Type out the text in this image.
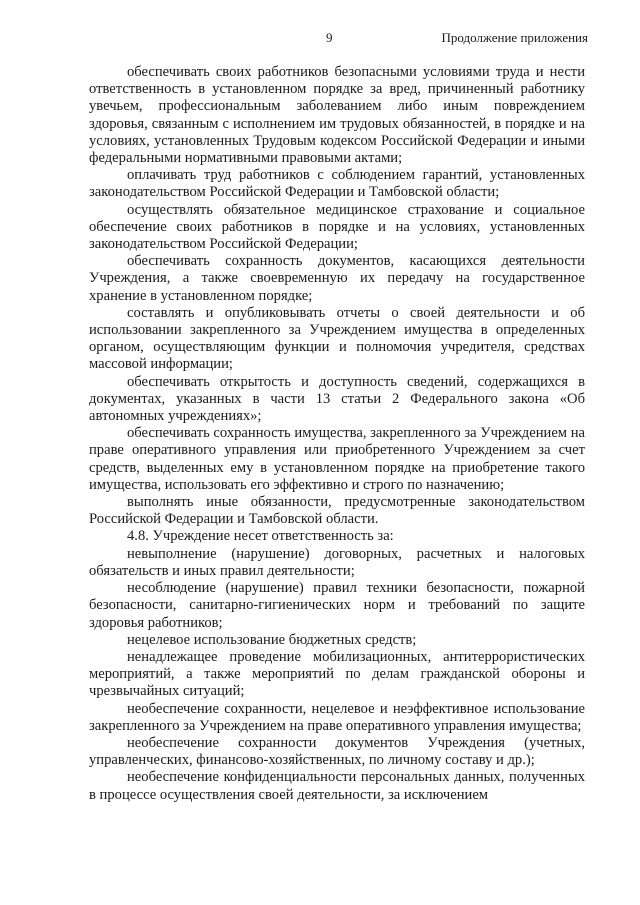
9	Продолжение приложения

обеспечивать своих работников безопасными условиями труда и нести ответственность в установленном порядке за вред, причиненный работнику увечьем, профессиональным заболеванием либо иным повреждением здоровья, связанным с исполнением им трудовых обязанностей, в порядке и на условиях, установленных Трудовым кодексом Российской Федерации и иными федеральными нормативными правовыми актами;

оплачивать труд работников с соблюдением гарантий, установленных законодательством Российской Федерации и Тамбовской области;

осуществлять обязательное медицинское страхование и социальное обеспечение своих работников в порядке и на условиях, установленных законодательством Российской Федерации;

обеспечивать сохранность документов, касающихся деятельности Учреждения, а также своевременную их передачу на государственное хранение в установленном порядке;

составлять и опубликовывать отчеты о своей деятельности и об использовании закрепленного за Учреждением имущества в определенных органом, осуществляющим функции и полномочия учредителя, средствах массовой информации;

обеспечивать открытость и доступность сведений, содержащихся в документах, указанных в части 13 статьи 2 Федерального закона «Об автономных учреждениях»;

обеспечивать сохранность имущества, закрепленного за Учреждением на праве оперативного управления или приобретенного Учреждением за счет средств, выделенных ему в установленном порядке на приобретение такого имущества, использовать его эффективно и строго по назначению;

выполнять иные обязанности, предусмотренные законодательством Российской Федерации и Тамбовской области.

4.8. Учреждение несет ответственность за:

невыполнение (нарушение) договорных, расчетных и налоговых обязательств и иных правил деятельности;

несоблюдение (нарушение) правил техники безопасности, пожарной безопасности, санитарно-гигиенических норм и требований по защите здоровья работников;

нецелевое использование бюджетных средств;

ненадлежащее проведение мобилизационных, антитеррористических мероприятий, а также мероприятий по делам гражданской обороны и чрезвычайных ситуаций;

необеспечение сохранности, нецелевое и неэффективное использование закрепленного за Учреждением на праве оперативного управления имущества;

необеспечение сохранности документов Учреждения (учетных, управленческих, финансово-хозяйственных, по личному составу и др.);

необеспечение конфиденциальности персональных данных, полученных в процессе осуществления своей деятельности, за исключением
